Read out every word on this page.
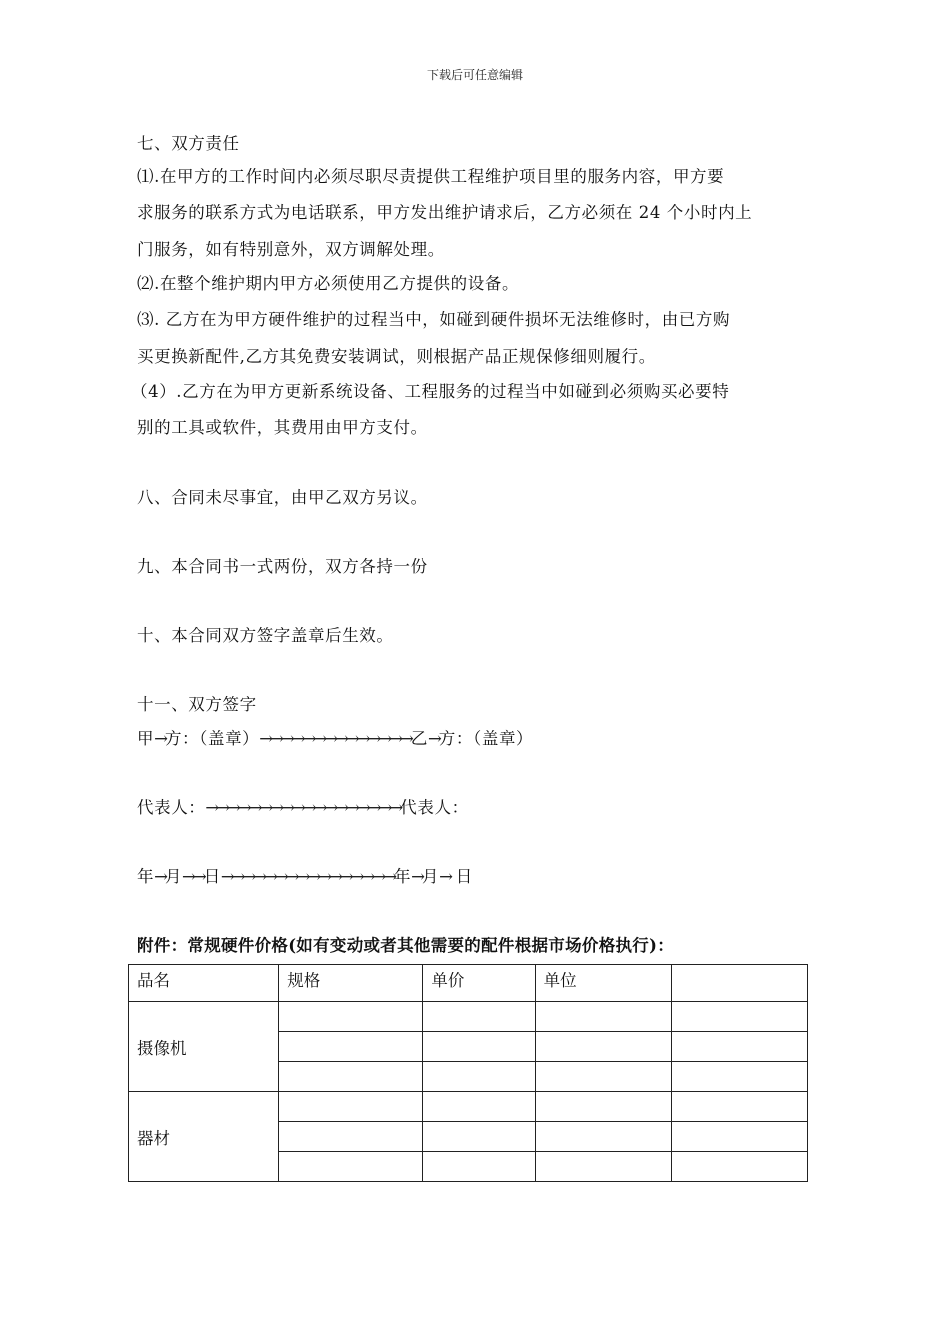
下载后可任意编辑
七、双方责任
⑴.在甲方的工作时间内必须尽职尽责提供工程维护项目里的服务内容，甲方要
求服务的联系方式为电话联系，甲方发出维护请求后，乙方必须在 24 个小时内上
门服务，如有特别意外，双方调解处理。
⑵.在整个维护期内甲方必须使用乙方提供的设备。
⑶. 乙方在为甲方硬件维护的过程当中，如碰到硬件损坏无法维修时，由已方购
买更换新配件,乙方其免费安装调试，则根据产品正规保修细则履行。
（4）.乙方在为甲方更新系统设备、工程服务的过程当中如碰到必须购买必要特
别的工具或软件，其费用由甲方支付。
八、合同未尽事宜，由甲乙双方另议。
九、本合同书一式两份，双方各持一份
十、本合同双方签字盖章后生效。
十一、双方签字
甲→方：（盖章）→→→→→→→→→→→→→→乙→方：（盖章）
代表人：→→→→→→→→→→→→→→→→→→代表人：
年→月→→日→→→→→→→→→→→→→→→→年→月→ 日
附件：常规硬件价格(如有变动或者其他需要的配件根据市场价格执行)：
品名	规格	单价	单位	
摄像机				

器材				
